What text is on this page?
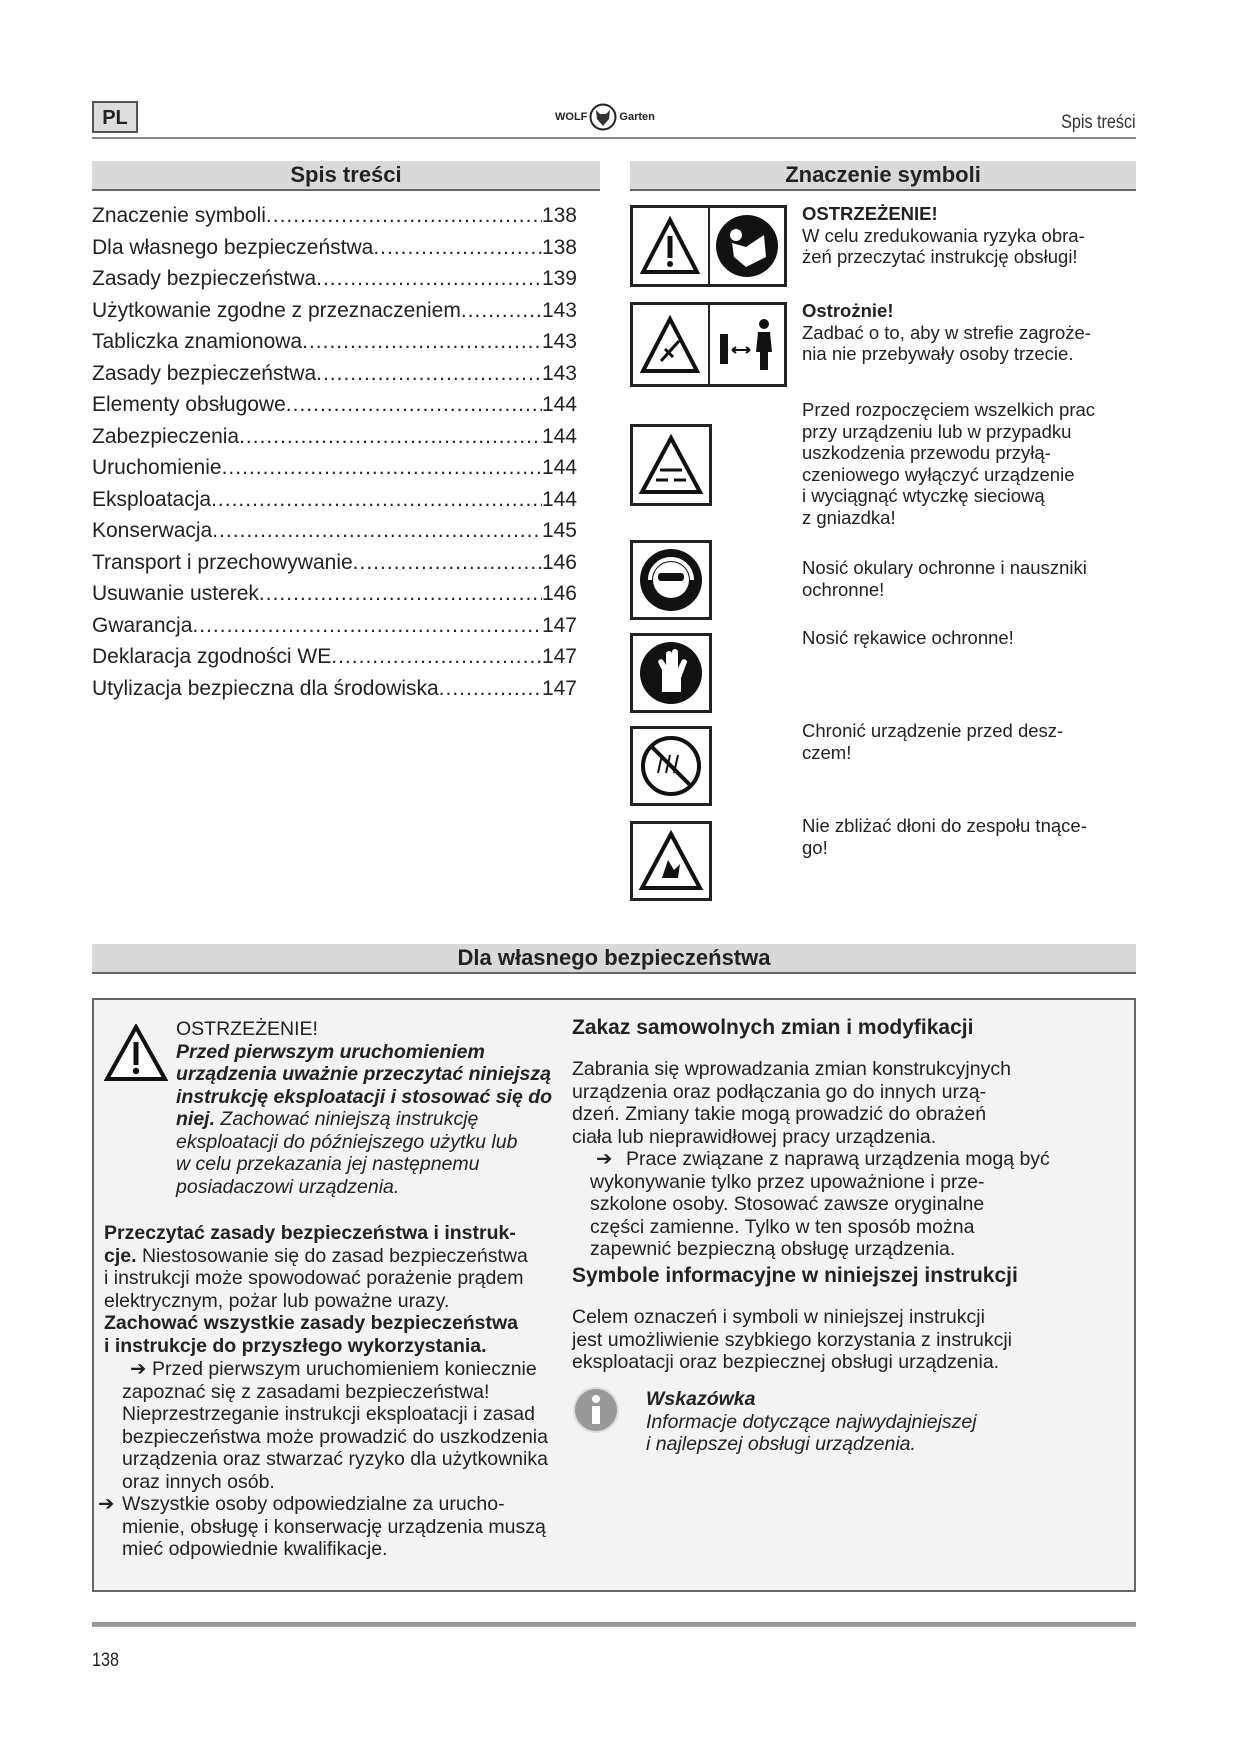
PL	WOLF	Garten	Spis treści
Spis treści
Znaczenie symboli .....	138
Dla własnego bezpieczeństwa .....	138
Zasady bezpieczeństwa .....	139
Użytkowanie zgodne z przeznaczeniem .....	143
Tabliczka znamionowa .....	143
Zasady bezpieczeństwa .....	143
Elementy obsługowe .....	144
Zabezpieczenia .....	144
Uruchomienie .....	144
Eksploatacja .....	144
Konserwacja .....	145
Transport i przechowywanie .....	146
Usuwanie usterek .....	146
Gwarancja .....	147
Deklaracja zgodności WE .....	147
Utylizacja bezpieczna dla środowiska .....	147
Znaczenie symboli
OSTRZEŻENIE!
W celu zredukowania ryzyka obra-
żeń przeczytać instrukcję obsługi!
Ostrożnie!
Zadbać o to, aby w strefie zagroże-
nia nie przebywały osoby trzecie.
Przed rozpoczęciem wszelkich prac
przy urządzeniu lub w przypadku
uszkodzenia przewodu przyłą-
czeniowego wyłączyć urządzenie
i wyciągnąć wtyczkę sieciową
z gniazdka!
Nosić okulary ochronne i nauszniki
ochronne!
Nosić rękawice ochronne!
Chronić urządzenie przed desz-
czem!
Nie zbliżać dłoni do zespołu tnące-
go!
Dla własnego bezpieczeństwa
OSTRZEŻENIE!
Przed pierwszym uruchomieniem
urządzenia uważnie przeczytać niniejszą
instrukcję eksploatacji i stosować się do
niej. Zachować niniejszą instrukcję
eksploatacji do późniejszego użytku lub
w celu przekazania jej następnemu
posiadaczowi urządzenia.
Przeczytać zasady bezpieczeństwa i instruk-
cje. Niestosowanie się do zasad bezpieczeństwa
i instrukcji może spowodować porażenie prądem
elektrycznym, pożar lub poważne urazy.
Zachować wszystkie zasady bezpieczeństwa
i instrukcje do przyszłego wykorzystania.
➔ Przed pierwszym uruchomieniem koniecznie
zapoznać się z zasadami bezpieczeństwa!
Nieprzestrzeganie instrukcji eksploatacji i zasad
bezpieczeństwa może prowadzić do uszkodzenia
urządzenia oraz stwarzać ryzyko dla użytkownika
oraz innych osób.
➔ Wszystkie osoby odpowiedzialne za urucho-
mienie, obsługę i konserwację urządzenia muszą
mieć odpowiednie kwalifikacje.
Zakaz samowolnych zmian i modyfikacji
Zabrania się wprowadzania zmian konstrukcyjnych
urządzenia oraz podłączania go do innych urzą-
dzeń. Zmiany takie mogą prowadzić do obrażeń
ciała lub nieprawidłowej pracy urządzenia.
➔ Prace związane z naprawą urządzenia mogą być
wykonywanie tylko przez upoważnione i prze-
szkolone osoby. Stosować zawsze oryginalne
części zamienne. Tylko w ten sposób można
zapewnić bezpieczną obsługę urządzenia.
Symbole informacyjne w niniejszej instrukcji
Celem oznaczeń i symboli w niniejszej instrukcji
jest umożliwienie szybkiego korzystania z instrukcji
eksploatacji oraz bezpiecznej obsługi urządzenia.
Wskazówka
Informacje dotyczące najwydajniejszej
i najlepszej obsługi urządzenia.
138
